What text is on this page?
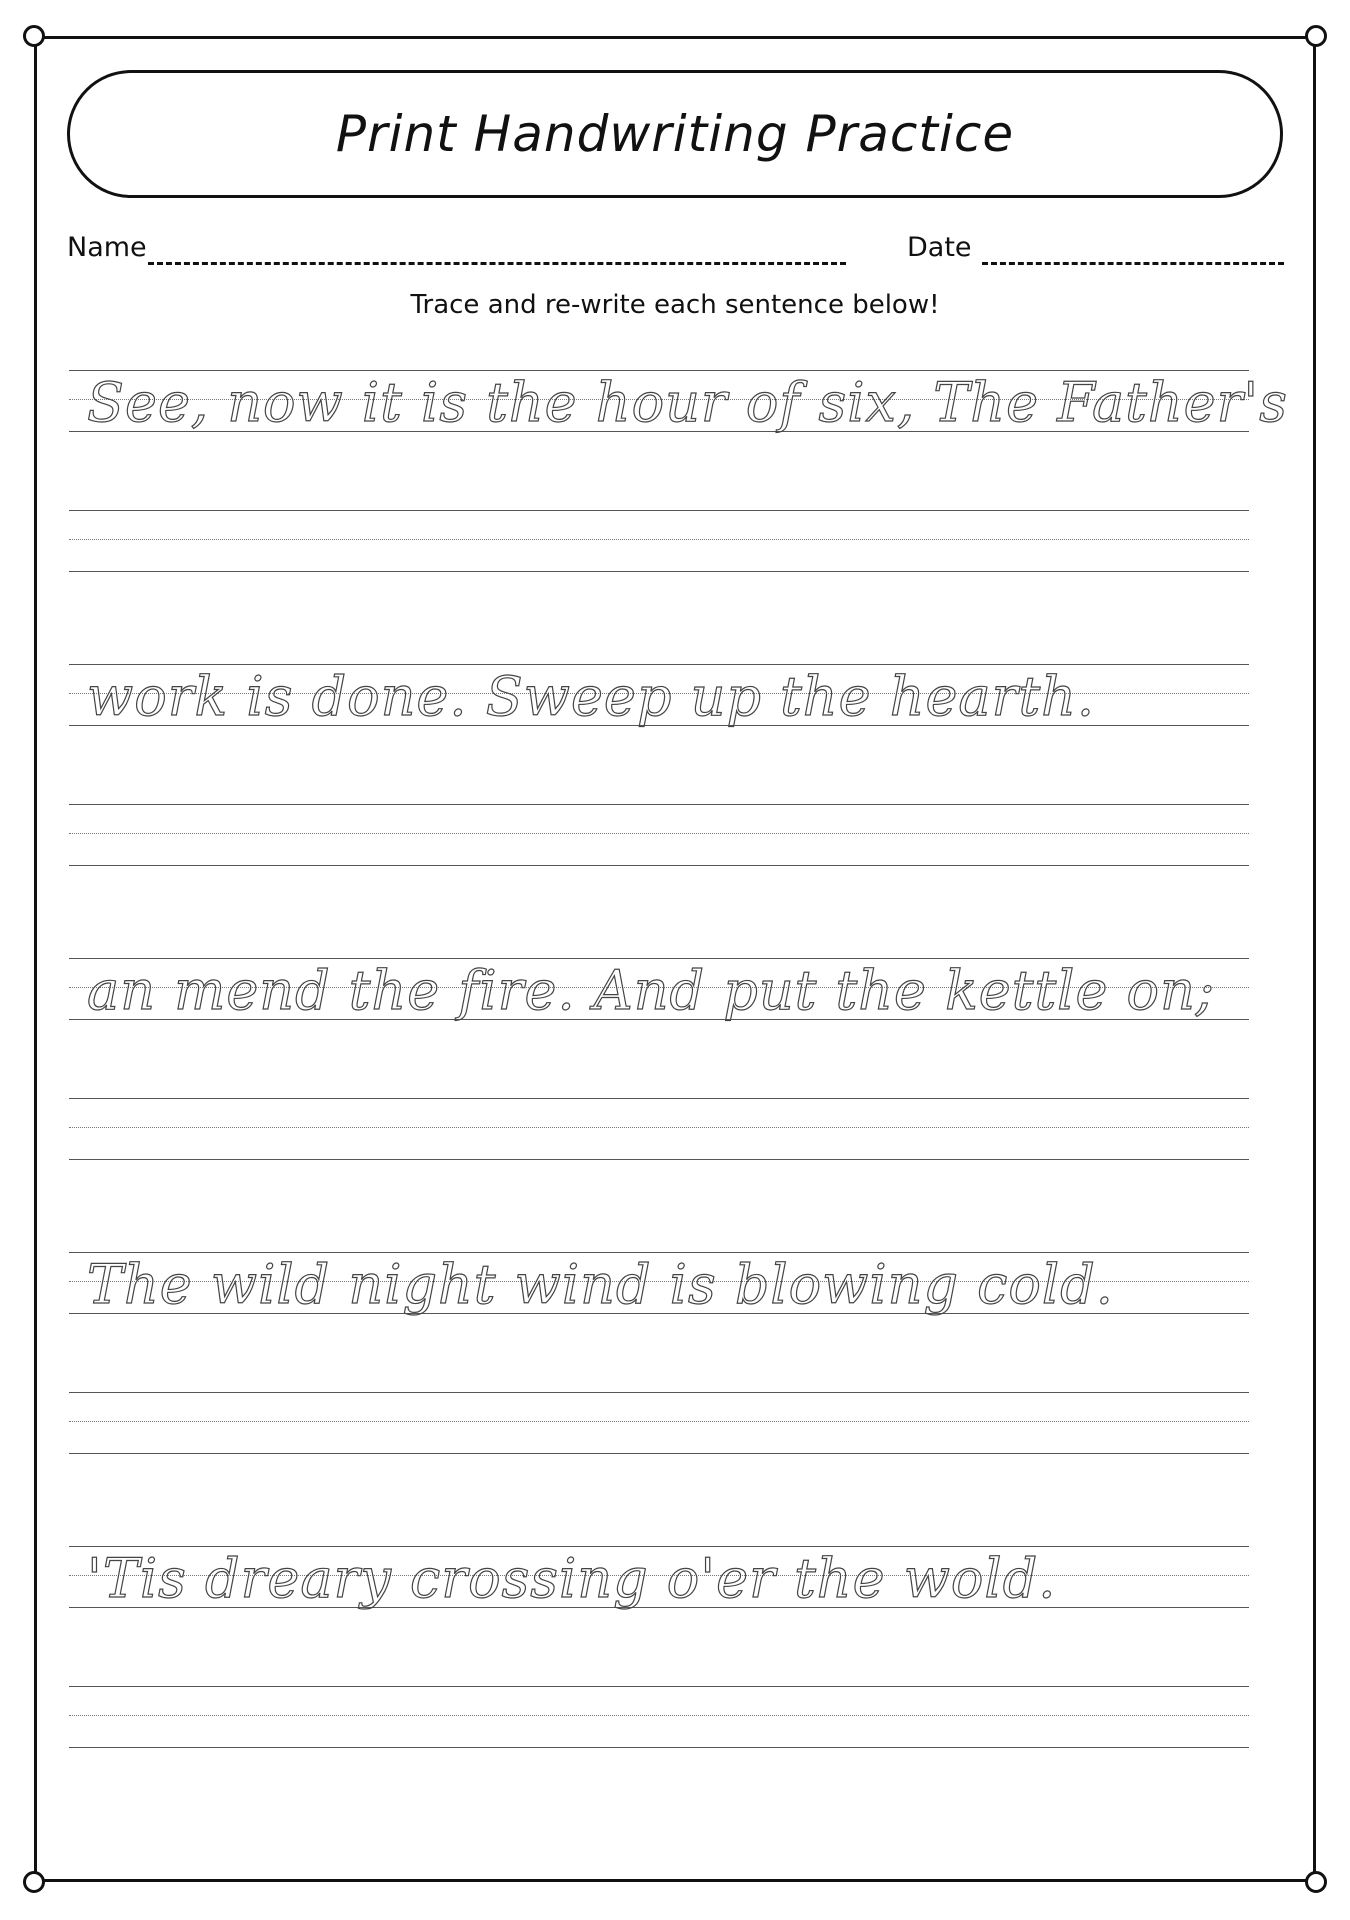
Print Handwriting Practice
Name	Date
Trace and re-write each sentence below!
See, now it is the hour of six, The Father's
work is done. Sweep up the hearth.
an mend the fire. And put the kettle on;
The wild night wind is blowing cold.
'Tis dreary crossing o'er the wold.
